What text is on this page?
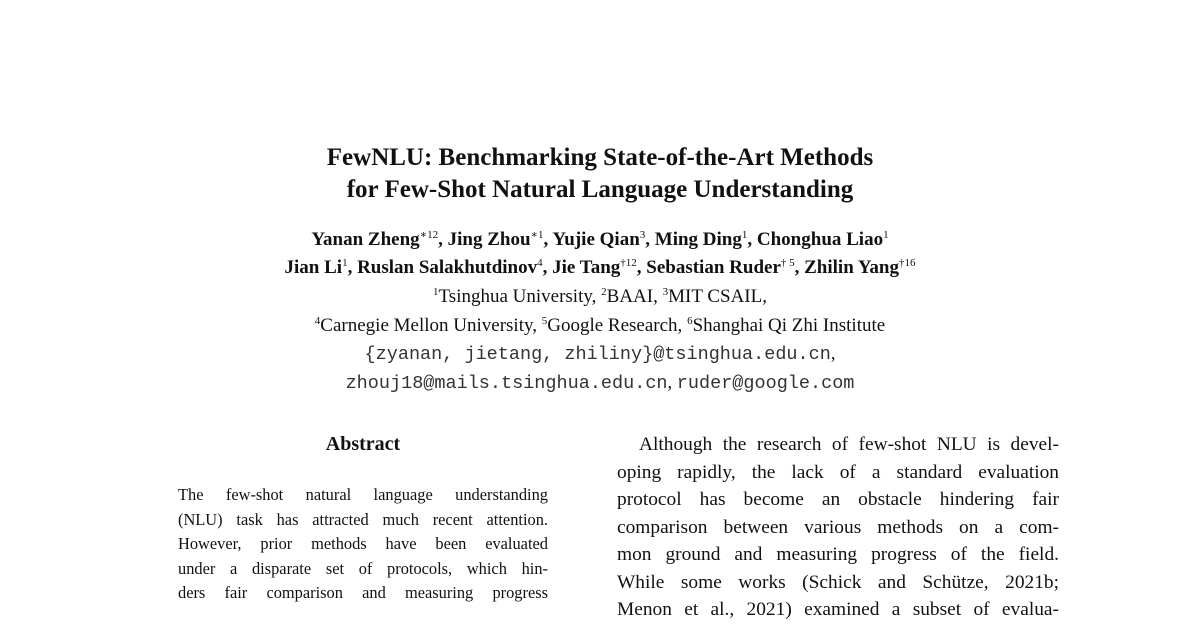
FewNLU: Benchmarking State-of-the-Art Methods
for Few-Shot Natural Language Understanding
Yanan Zheng$^{∗12}$, Jing Zhou$^{∗1}$, Yujie Qian$^3$, Ming Ding$^1$, Chonghua Liao$^1$
Jian Li$^1$, Ruslan Salakhutdinov$^4$, Jie Tang$^{\dagger 12}$, Sebastian Ruder$^{\dagger 5}$, Zhilin Yang$^{\dagger 16}$
$^1$Tsinghua University, $^2$BAAI, $^3$MIT CSAIL,
$^4$Carnegie Mellon University, $^5$Google Research, $^6$Shanghai Qi Zhi Institute
{zyanan, jietang, zhiliny}@tsinghua.edu.cn,
zhouj18@mails.tsinghua.edu.cn, ruder@google.com
Abstract
The few-shot natural language understanding
(NLU) task has attracted much recent attention.
However, prior methods have been evaluated
under a disparate set of protocols, which hin-
ders fair comparison and measuring progress
Although the research of few-shot NLU is devel-
oping rapidly, the lack of a standard evaluation
protocol has become an obstacle hindering fair
comparison between various methods on a com-
mon ground and measuring progress of the field.
While some works (Schick and Schütze, 2021b;
Menon et al., 2021) examined a subset of evalua-
